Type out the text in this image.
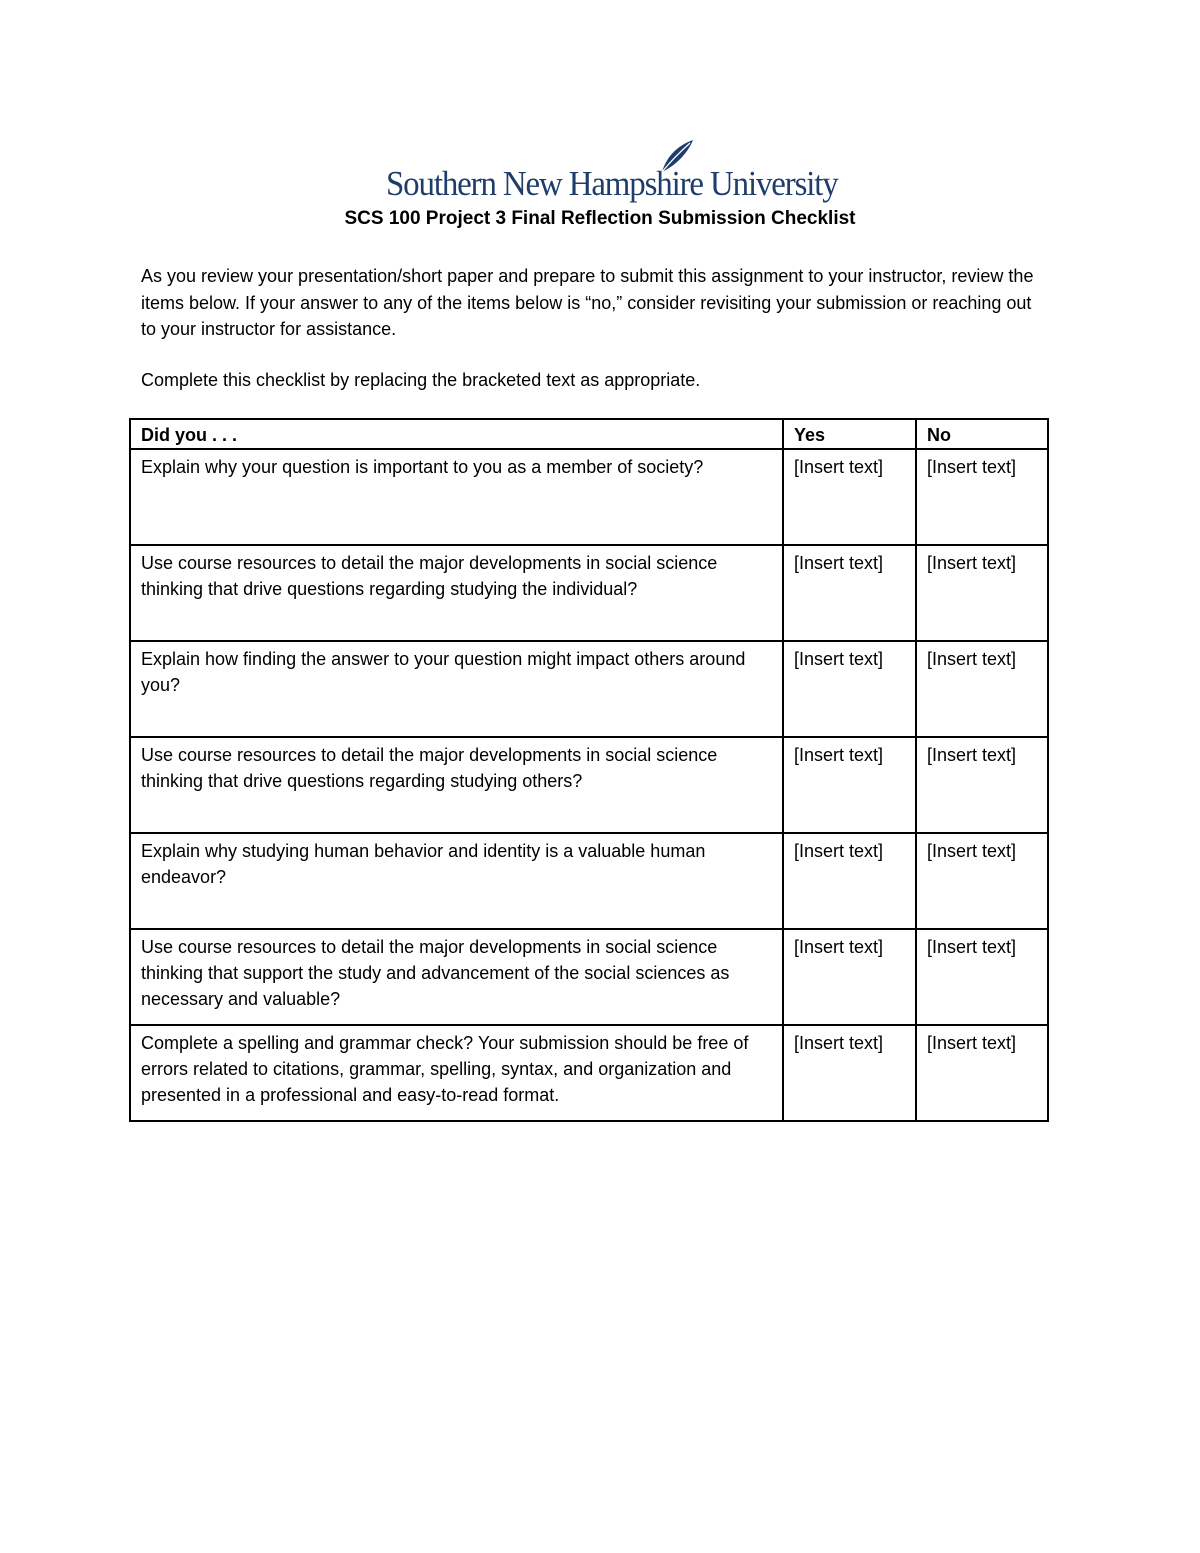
Southern New Hampshire University
SCS 100 Project 3 Final Reflection Submission Checklist

As you review your presentation/short paper and prepare to submit this assignment to your instructor, review the items below. If your answer to any of the items below is “no,” consider revisiting your submission or reaching out to your instructor for assistance.

Complete this checklist by replacing the bracketed text as appropriate.

Did you . . .	Yes	No
Explain why your question is important to you as a member of society?	[Insert text]	[Insert text]
Use course resources to detail the major developments in social science thinking that drive questions regarding studying the individual?	[Insert text]	[Insert text]
Explain how finding the answer to your question might impact others around you?	[Insert text]	[Insert text]
Use course resources to detail the major developments in social science thinking that drive questions regarding studying others?	[Insert text]	[Insert text]
Explain why studying human behavior and identity is a valuable human endeavor?	[Insert text]	[Insert text]
Use course resources to detail the major developments in social science thinking that support the study and advancement of the social sciences as necessary and valuable?	[Insert text]	[Insert text]
Complete a spelling and grammar check? Your submission should be free of errors related to citations, grammar, spelling, syntax, and organization and presented in a professional and easy-to-read format.	[Insert text]	[Insert text]
